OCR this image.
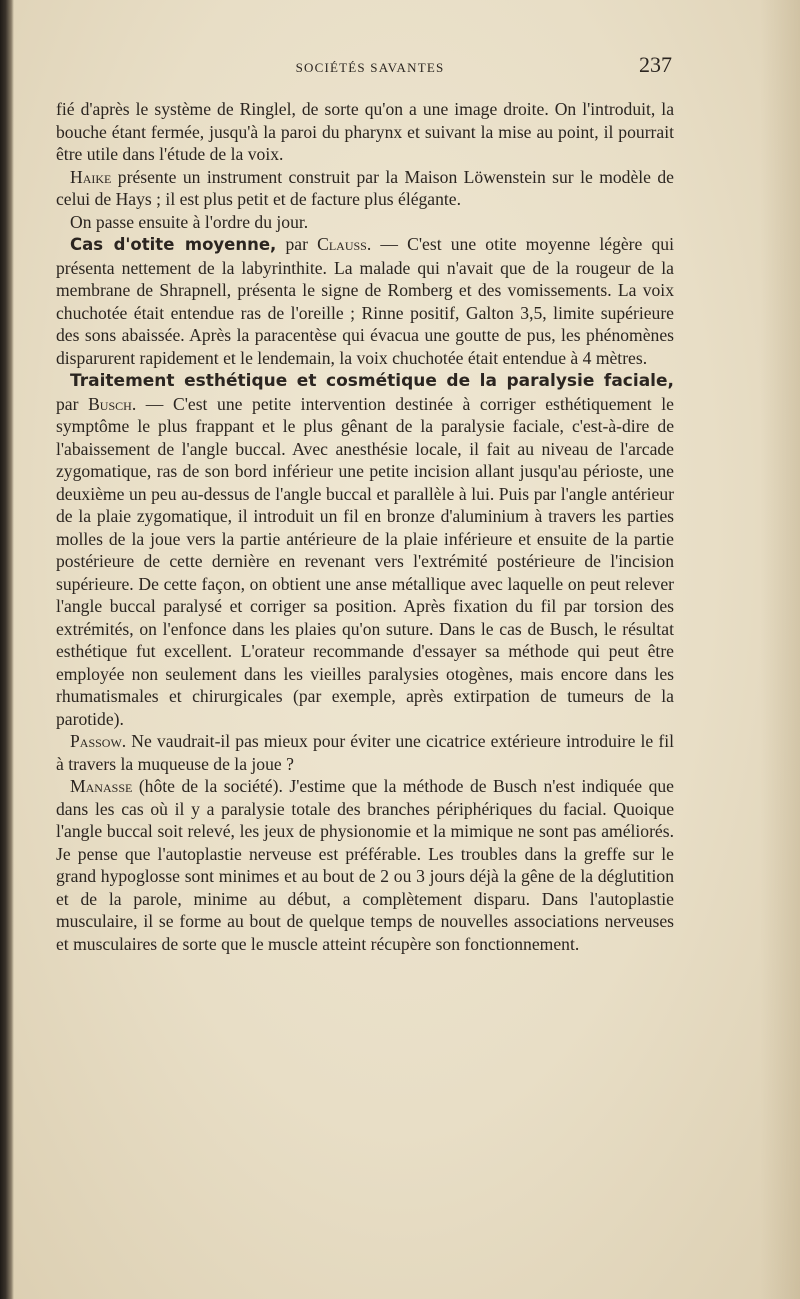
SOCIÉTÉS SAVANTES	237

fié d'après le système de Ringlel, de sorte qu'on a une image droite. On l'introduit, la bouche étant fermée, jusqu'à la paroi du pharynx et suivant la mise au point, il pourrait être utile dans l'étude de la voix.

Haike présente un instrument construit par la Maison Löwenstein sur le modèle de celui de Hays ; il est plus petit et de facture plus élégante.

On passe ensuite à l'ordre du jour.

Cas d'otite moyenne, par Clauss. — C'est une otite moyenne légère qui présenta nettement de la labyrinthite. La malade qui n'avait que de la rougeur de la membrane de Shrapnell, présenta le signe de Romberg et des vomissements. La voix chuchotée était entendue ras de l'oreille ; Rinne positif, Galton 3,5, limite supérieure des sons abaissée. Après la paracentèse qui évacua une goutte de pus, les phénomènes disparurent rapidement et le lendemain, la voix chuchotée était entendue à 4 mètres.

Traitement esthétique et cosmétique de la paralysie faciale, par Busch. — C'est une petite intervention destinée à corriger esthétiquement le symptôme le plus frappant et le plus gênant de la paralysie faciale, c'est-à-dire de l'abaissement de l'angle buccal. Avec anesthésie locale, il fait au niveau de l'arcade zygomatique, ras de son bord inférieur une petite incision allant jusqu'au périoste, une deuxième un peu au-dessus de l'angle buccal et parallèle à lui. Puis par l'angle antérieur de la plaie zygomatique, il introduit un fil en bronze d'aluminium à travers les parties molles de la joue vers la partie antérieure de la plaie inférieure et ensuite de la partie postérieure de cette dernière en revenant vers l'extrémité postérieure de l'incision supérieure. De cette façon, on obtient une anse métallique avec laquelle on peut relever l'angle buccal paralysé et corriger sa position. Après fixation du fil par torsion des extrémités, on l'enfonce dans les plaies qu'on suture. Dans le cas de Busch, le résultat esthétique fut excellent. L'orateur recommande d'essayer sa méthode qui peut être employée non seulement dans les vieilles paralysies otogènes, mais encore dans les rhumatismales et chirurgicales (par exemple, après extirpation de tumeurs de la parotide).

Passow. Ne vaudrait-il pas mieux pour éviter une cicatrice extérieure introduire le fil à travers la muqueuse de la joue ?

Manasse (hôte de la société). J'estime que la méthode de Busch n'est indiquée que dans les cas où il y a paralysie totale des branches périphériques du facial. Quoique l'angle buccal soit relevé, les jeux de physionomie et la mimique ne sont pas améliorés. Je pense que l'autoplastie nerveuse est préférable. Les troubles dans la greffe sur le grand hypoglosse sont minimes et au bout de 2 ou 3 jours déjà la gêne de la déglutition et de la parole, minime au début, a complètement disparu. Dans l'autoplastie musculaire, il se forme au bout de quelque temps de nouvelles associations nerveuses et musculaires de sorte que le muscle atteint récupère son fonctionnement.
